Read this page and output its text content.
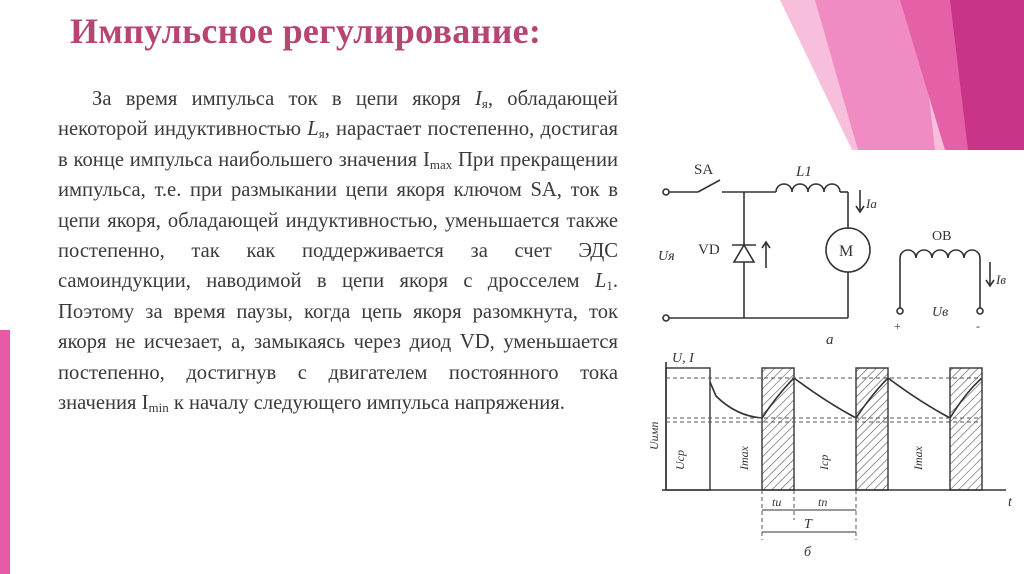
Импульсное регулирование:

За время импульса ток в цепи якоря $I_я$, обладающей некоторой индуктивностью $L_я$, нарастает постепенно, достигая в конце импульса наибольшего значения $I_{max}$ При прекращении импульса, т.е. при размыкании цепи якоря ключом SA, ток в цепи якоря, обладающей индуктивностью, уменьшается также постепенно, так как поддерживается за счет ЭДС самоиндукции, наводимой в цепи якоря с дросселем $L_1$. Поэтому за время паузы, когда цепь якоря разомкнута, ток якоря не исчезает, а, замыкаясь через диод VD, уменьшается постепенно, достигнув с двигателем постоянного тока значения $I_{min}$ к началу следующего импульса напряжения.

SA	L1
VD	M
Ia
Uя
ОВ
Iв
Uв
+	-
а
U, I
t
Uимп
Uср	Imax	Iср	Imax
tи	tп
T
б
